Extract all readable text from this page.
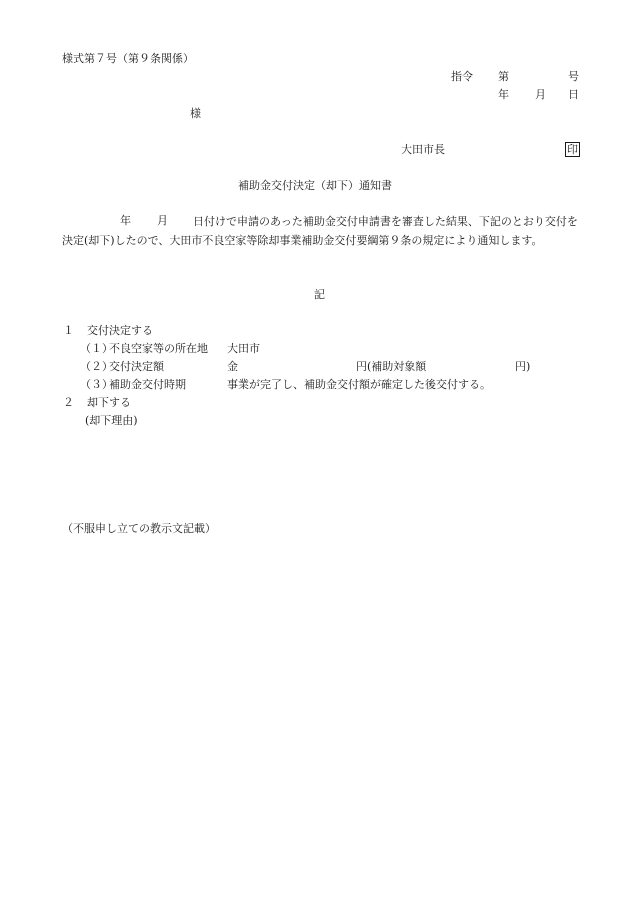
様式第７号（第９条関係）
指令 第	号
年 月 日
様
大田市長	印
補助金交付決定（却下）通知書
年 月	日付けで申請のあった補助金交付申請書を審査した結果、下記のとおり交付を決定(却下)したので、大田市不良空家等除却事業補助金交付要綱第９条の規定により通知します。
記
１ 交付決定する
（１）
不良空家等の所在地 大田市
（２）
交付決定額	金	円(補助対象額	円)
（３）
補助金交付時期	事業が完了し、補助金交付額が確定した後交付する。
２ 却下する
(却下理由)
（不服申し立ての教示文記載）
